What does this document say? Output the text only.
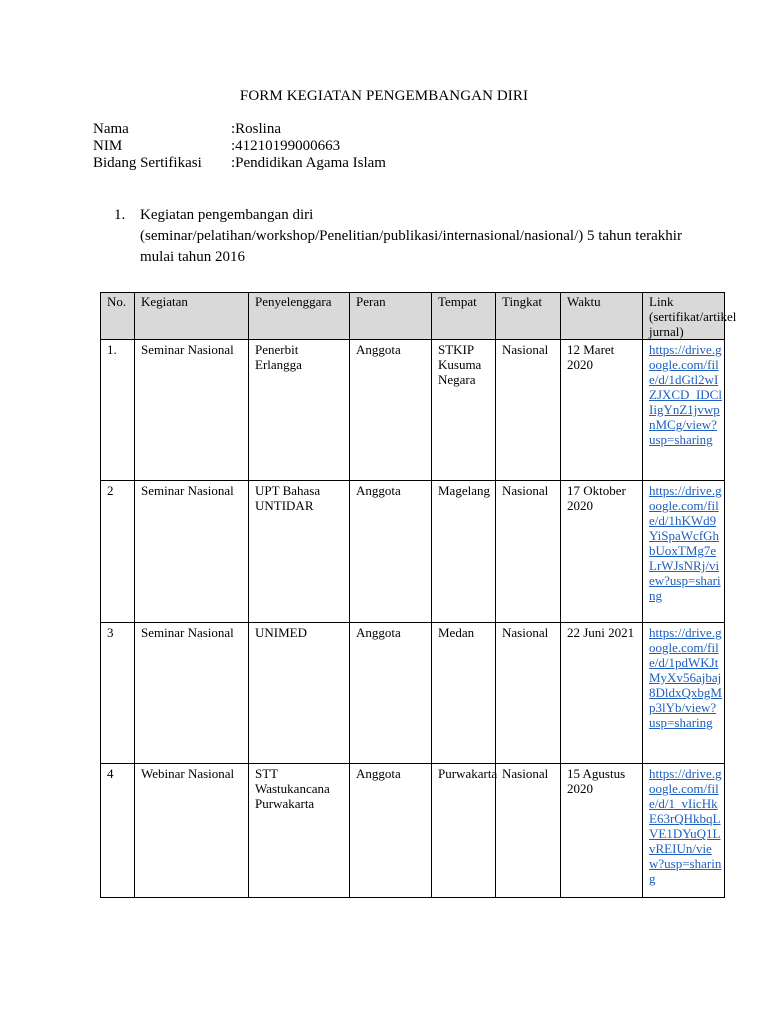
FORM KEGIATAN PENGEMBANGAN DIRI
Nama	:Roslina
NIM	:41210199000663
Bidang Sertifikasi	:Pendidikan Agama Islam
1. Kegiatan pengembangan diri (seminar/pelatihan/workshop/Penelitian/publikasi/internasional/nasional/) 5 tahun terakhir mulai tahun 2016
No.	Kegiatan	Penyelenggara	Peran	Tempat	Tingkat	Waktu	Link (sertifikat/artikel jurnal)
1.	Seminar Nasional	Penerbit Erlangga	Anggota	STKIP Kusuma Negara	Nasional	12 Maret 2020	https://drive.google.com/file/d/1dGtl2wIZJXCD_IDClIigYnZ1jvwpnMCg/view?usp=sharing
2	Seminar Nasional	UPT Bahasa UNTIDAR	Anggota	Magelang	Nasional	17 Oktober 2020	https://drive.google.com/file/d/1hKWd9YiSpaWcfGhbUoxTMg7eLrWJsNRj/view?usp=sharing
3	Seminar Nasional	UNIMED	Anggota	Medan	Nasional	22 Juni 2021	https://drive.google.com/file/d/1pdWKJtMyXv56ajbaj8DldxQxbgMp3lYb/view?usp=sharing
4	Webinar Nasional	STT Wastukancana Purwakarta	Anggota	Purwakarta	Nasional	15 Agustus 2020	https://drive.google.com/file/d/1_vIicHkE63rQHkbqLVE1DYuQ1LvREIUn/view?usp=sharing
